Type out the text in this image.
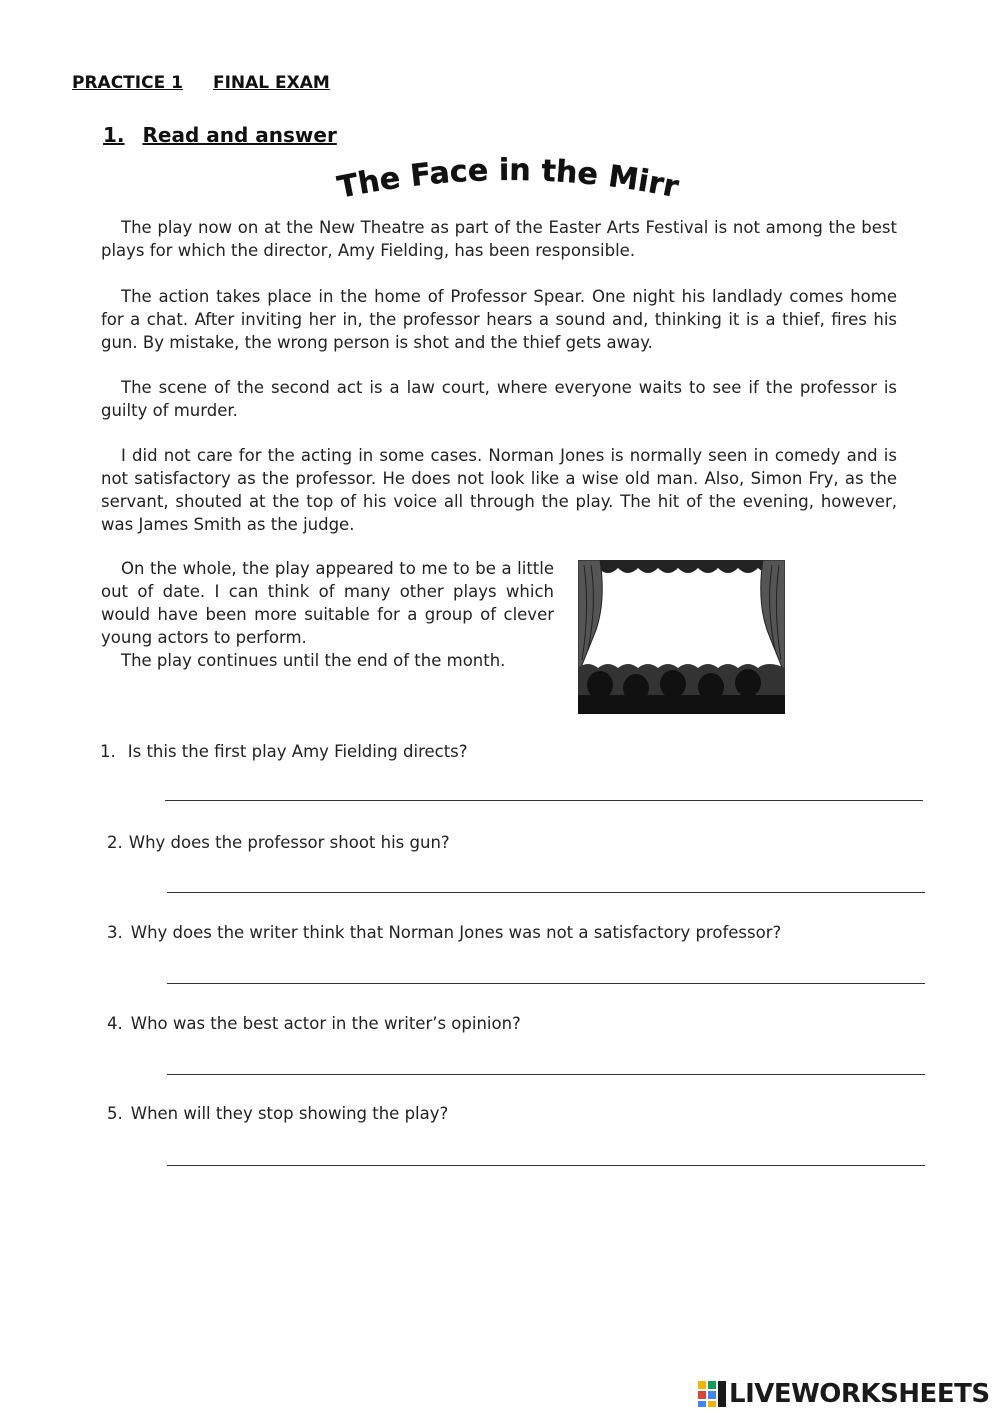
PRACTICE 1 FINAL EXAM
1. Read and answer
The Face in the Mirror
The play now on at the New Theatre as part of the Easter Arts Festival is not among the best plays for which the director, Amy Fielding, has been responsible.
The action takes place in the home of Professor Spear. One night his landlady comes home for a chat. After inviting her in, the professor hears a sound and, thinking it is a thief, fires his gun. By mistake, the wrong person is shot and the thief gets away.
The scene of the second act is a law court, where everyone waits to see if the professor is guilty of murder.
I did not care for the acting in some cases. Norman Jones is normally seen in comedy and is not satisfactory as the professor. He does not look like a wise old man. Also, Simon Fry, as the servant, shouted at the top of his voice all through the play. The hit of the evening, however, was James Smith as the judge.
On the whole, the play appeared to me to be a little out of date. I can think of many other plays which would have been more suitable for a group of clever young actors to perform.
The play continues until the end of the month.
1. Is this the first play Amy Fielding directs?
2. Why does the professor shoot his gun?
3. Why does the writer think that Norman Jones was not a satisfactory professor?
4. Who was the best actor in the writer’s opinion?
5. When will they stop showing the play?
LIVEWORKSHEETS
